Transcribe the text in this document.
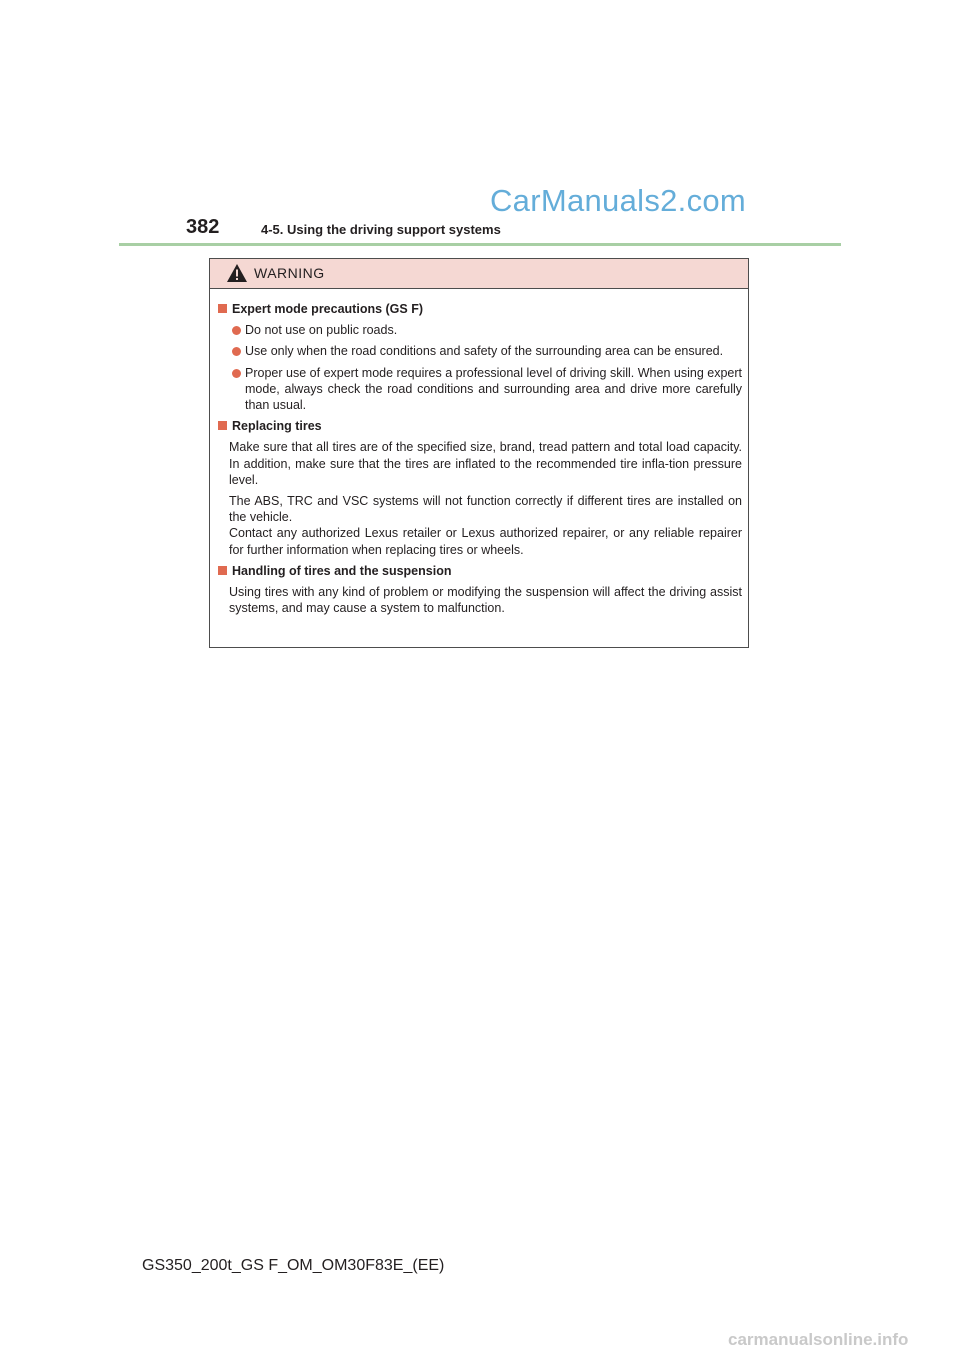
CarManuals2.com
382	4-5. Using the driving support systems
WARNING
Expert mode precautions (GS F)
Do not use on public roads.
Use only when the road conditions and safety of the surrounding area can be ensured.
Proper use of expert mode requires a professional level of driving skill. When using expert mode, always check the road conditions and surrounding area and drive more carefully than usual.
Replacing tires
Make sure that all tires are of the specified size, brand, tread pattern and total load capacity. In addition, make sure that the tires are inflated to the recommended tire infla-tion pressure level.
The ABS, TRC and VSC systems will not function correctly if different tires are installed on the vehicle.
Contact any authorized Lexus retailer or Lexus authorized repairer, or any reliable repairer for further information when replacing tires or wheels.
Handling of tires and the suspension
Using tires with any kind of problem or modifying the suspension will affect the driving assist systems, and may cause a system to malfunction.
GS350_200t_GS F_OM_OM30F83E_(EE)
carmanualsonline.info
